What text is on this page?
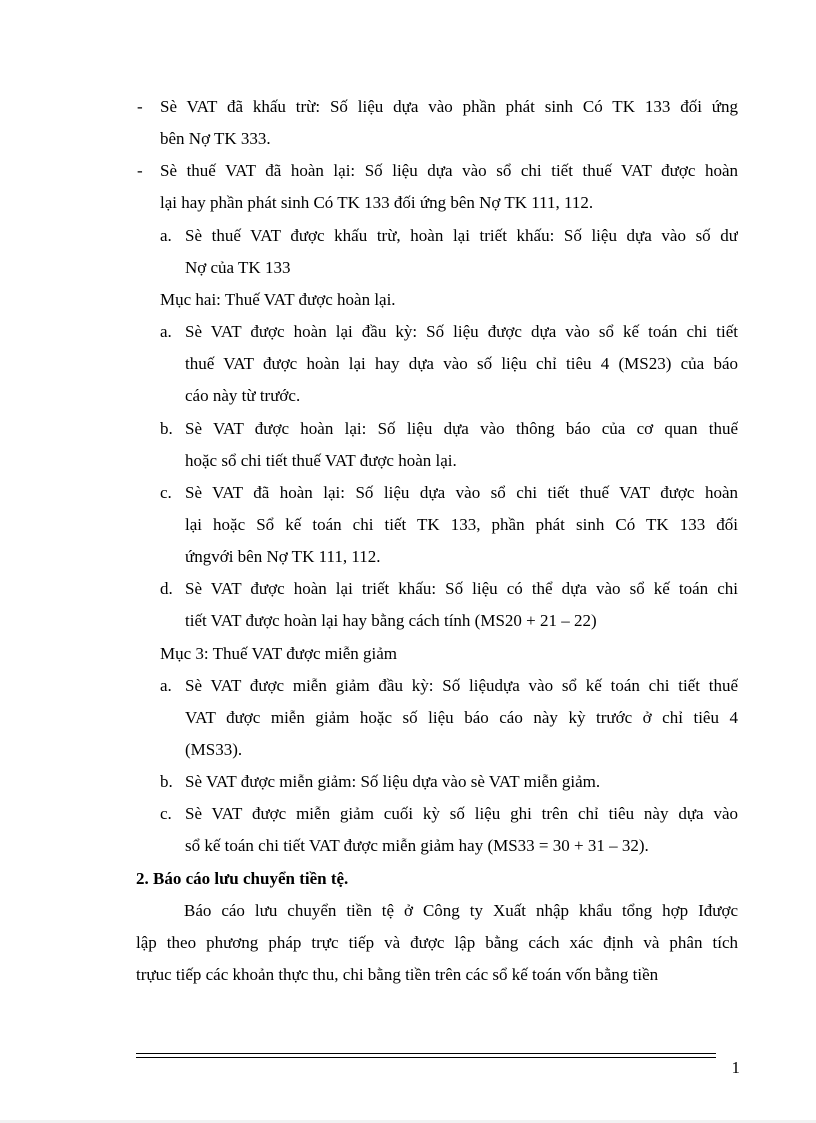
- Sè VAT đã khấu trừ: Số liệu dựa vào phần phát sinh Có TK 133 đối ứng

bên Nợ TK 333.

- Sè thuế VAT đã hoàn lại: Số liệu dựa vào sổ chi tiết thuế VAT được hoàn

lại hay phần phát sinh Có TK 133 đối ứng bên Nợ TK 111, 112.

a. Sè thuế VAT được khấu trừ, hoàn lại triết khấu: Số liệu dựa vào số dư

Nợ của TK 133

Mục hai: Thuế VAT được hoàn lại.

a. Sè VAT được hoàn lại đầu kỳ: Số liệu được dựa vào sổ kế toán chi tiết

thuế VAT được hoàn lại hay dựa vào số liệu chỉ tiêu 4 (MS23) của báo

cáo này từ trước.

b. Sè VAT được hoàn lại: Số liệu dựa vào thông báo của cơ quan thuế

hoặc sổ chi tiết thuế VAT được hoàn lại.

c. Sè VAT đã hoàn lại: Số liệu dựa vào sổ chi tiết thuế VAT được hoàn

lại hoặc Sổ kế toán chi tiết TK 133, phần phát sinh Có TK 133 đối

ứngvới bên Nợ TK 111, 112.

d. Sè VAT được hoàn lại triết khấu: Số liệu có thể dựa vào sổ kế toán chi

tiết VAT được hoàn lại hay bằng cách tính (MS20 + 21 – 22)

Mục 3: Thuế VAT được miễn giảm

a. Sè VAT được miễn giảm đầu kỳ: Số liệudựa vào sổ kế toán chi tiết thuế

VAT được miễn giảm hoặc số liệu báo cáo này kỳ trước ở chỉ tiêu 4

(MS33).

b. Sè VAT được miễn giảm: Số liệu dựa vào sè VAT miễn giảm.

c. Sè VAT được miễn giảm cuối kỳ số liệu ghi trên chỉ tiêu này dựa vào

sổ kế toán chi tiết VAT được miễn giảm hay (MS33 = 30 + 31 – 32).

2. Báo cáo lưu chuyển tiền tệ.

Báo cáo lưu chuyển tiền tệ ở Công ty Xuất nhập khẩu tổng hợp Iđược

lập theo phương pháp trực tiếp và được lập bằng cách xác định và phân tích

trựuc tiếp các khoản thực thu, chi bằng tiền trên các sổ kế toán vốn bằng tiền

1
